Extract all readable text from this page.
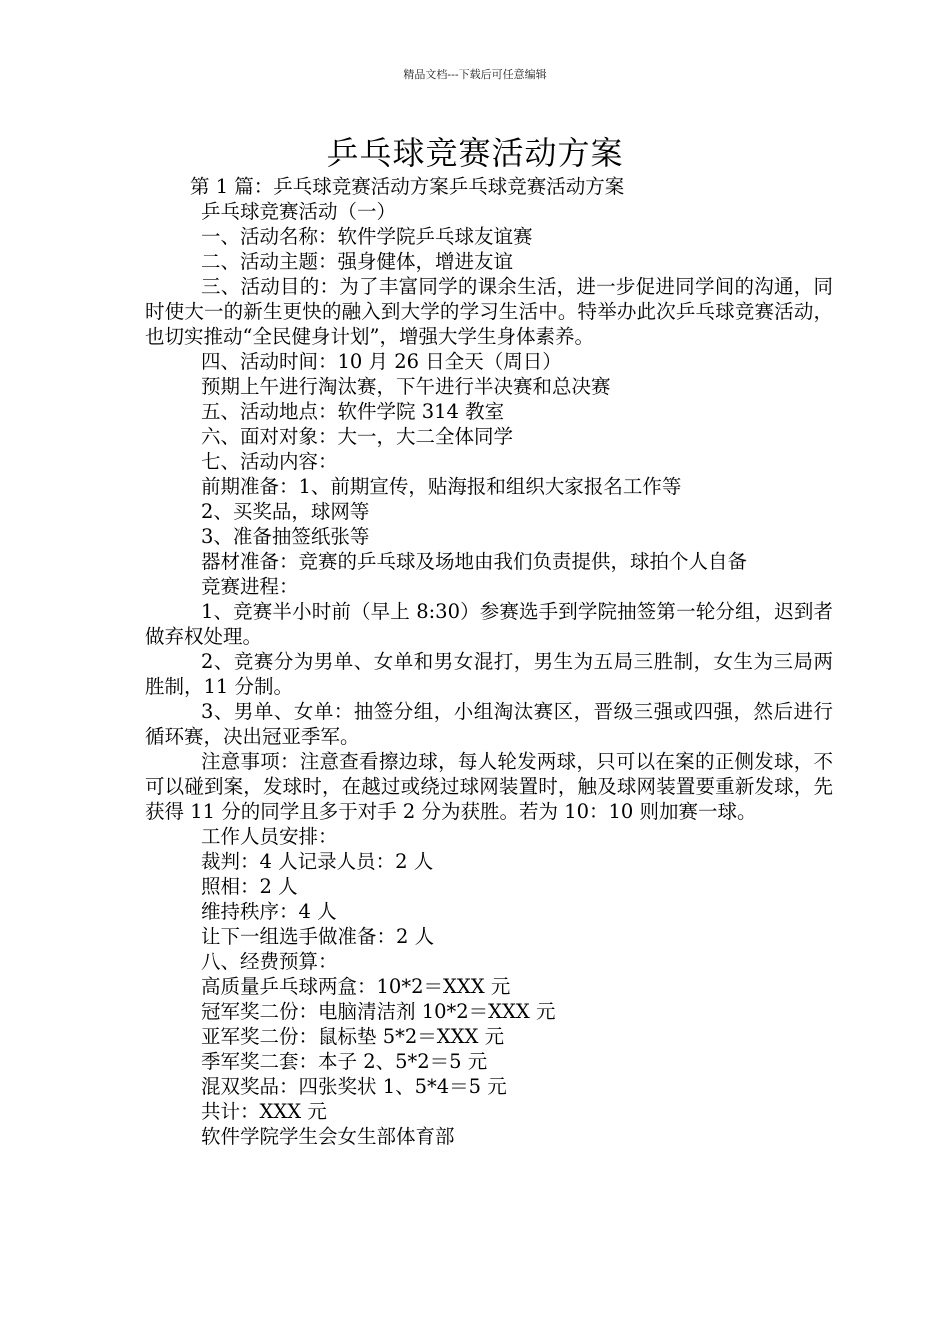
精品文档---下载后可任意编辑
乒乓球竞赛活动方案

第 1 篇：乒乓球竞赛活动方案乒乓球竞赛活动方案

乒乓球竞赛活动（一）

一、活动名称：软件学院乒乓球友谊赛

二、活动主题：强身健体，增进友谊

三、活动目的：为了丰富同学的课余生活，进一步促进同学间的沟通，同时使大一的新生更快的融入到大学的学习生活中。特举办此次乒乓球竞赛活动，也切实推动“全民健身计划”，增强大学生身体素养。

四、活动时间：10 月 26 日全天（周日）

预期上午进行淘汰赛，下午进行半决赛和总决赛

五、活动地点：软件学院 314 教室

六、面对对象：大一，大二全体同学

七、活动内容：

前期准备：1、前期宣传，贴海报和组织大家报名工作等

2、买奖品，球网等

3、准备抽签纸张等

器材准备：竞赛的乒乓球及场地由我们负责提供，球拍个人自备

竞赛进程：

1、竞赛半小时前（早上 8:30）参赛选手到学院抽签第一轮分组，迟到者做弃权处理。

2、竞赛分为男单、女单和男女混打，男生为五局三胜制，女生为三局两胜制，11 分制。

3、男单、女单：抽签分组，小组淘汰赛区，晋级三强或四强，然后进行循环赛，决出冠亚季军。

注意事项：注意查看擦边球，每人轮发两球，只可以在案的正侧发球，不可以碰到案，发球时，在越过或绕过球网装置时，触及球网装置要重新发球，先获得 11 分的同学且多于对手 2 分为获胜。若为 10：10 则加赛一球。

工作人员安排：

裁判：4 人记录人员：2 人

照相：2 人

维持秩序：4 人

让下一组选手做准备：2 人

八、经费预算：

高质量乒乓球两盒：10*2＝XXX 元

冠军奖二份：电脑清洁剂 10*2＝XXX 元

亚军奖二份：鼠标垫 5*2＝XXX 元

季军奖二套：本子 2、5*2＝5 元

混双奖品：四张奖状 1、5*4＝5 元

共计：XXX 元

软件学院学生会女生部体育部
